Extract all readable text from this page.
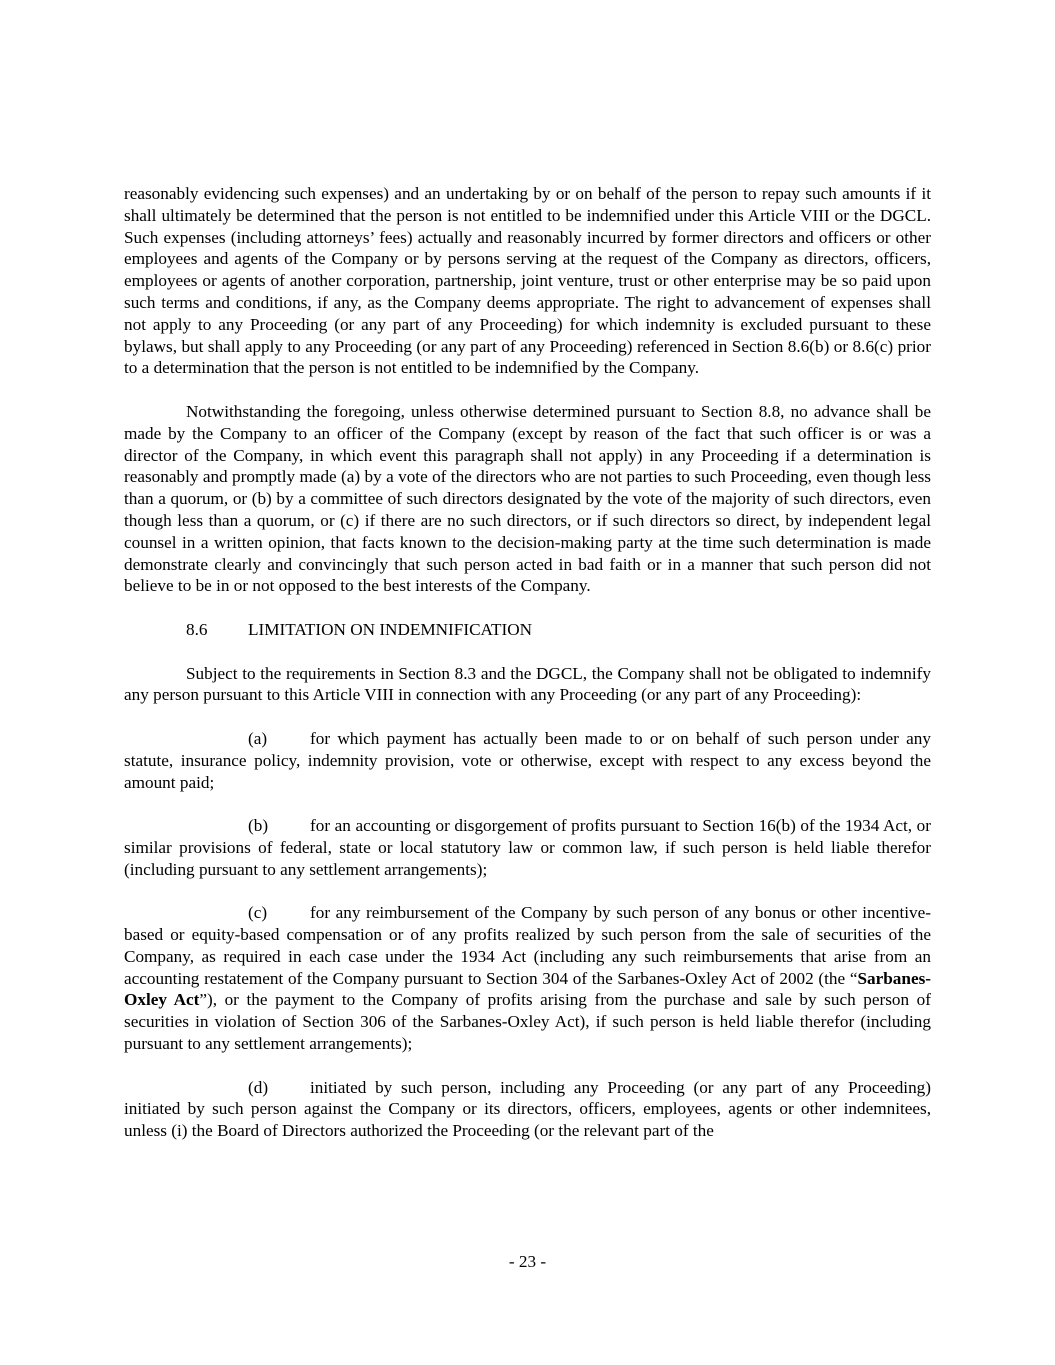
reasonably evidencing such expenses) and an undertaking by or on behalf of the person to repay such amounts if it shall ultimately be determined that the person is not entitled to be indemnified under this Article VIII or the DGCL. Such expenses (including attorneys’ fees) actually and reasonably incurred by former directors and officers or other employees and agents of the Company or by persons serving at the request of the Company as directors, officers, employees or agents of another corporation, partnership, joint venture, trust or other enterprise may be so paid upon such terms and conditions, if any, as the Company deems appropriate. The right to advancement of expenses shall not apply to any Proceeding (or any part of any Proceeding) for which indemnity is excluded pursuant to these bylaws, but shall apply to any Proceeding (or any part of any Proceeding) referenced in Section 8.6(b) or 8.6(c) prior to a determination that the person is not entitled to be indemnified by the Company.

Notwithstanding the foregoing, unless otherwise determined pursuant to Section 8.8, no advance shall be made by the Company to an officer of the Company (except by reason of the fact that such officer is or was a director of the Company, in which event this paragraph shall not apply) in any Proceeding if a determination is reasonably and promptly made (a) by a vote of the directors who are not parties to such Proceeding, even though less than a quorum, or (b) by a committee of such directors designated by the vote of the majority of such directors, even though less than a quorum, or (c) if there are no such directors, or if such directors so direct, by independent legal counsel in a written opinion, that facts known to the decision-making party at the time such determination is made demonstrate clearly and convincingly that such person acted in bad faith or in a manner that such person did not believe to be in or not opposed to the best interests of the Company.

8.6 LIMITATION ON INDEMNIFICATION

Subject to the requirements in Section 8.3 and the DGCL, the Company shall not be obligated to indemnify any person pursuant to this Article VIII in connection with any Proceeding (or any part of any Proceeding):

(a) for which payment has actually been made to or on behalf of such person under any statute, insurance policy, indemnity provision, vote or otherwise, except with respect to any excess beyond the amount paid;

(b) for an accounting or disgorgement of profits pursuant to Section 16(b) of the 1934 Act, or similar provisions of federal, state or local statutory law or common law, if such person is held liable therefor (including pursuant to any settlement arrangements);

(c) for any reimbursement of the Company by such person of any bonus or other incentive-based or equity-based compensation or of any profits realized by such person from the sale of securities of the Company, as required in each case under the 1934 Act (including any such reimbursements that arise from an accounting restatement of the Company pursuant to Section 304 of the Sarbanes-Oxley Act of 2002 (the “Sarbanes-Oxley Act”), or the payment to the Company of profits arising from the purchase and sale by such person of securities in violation of Section 306 of the Sarbanes-Oxley Act), if such person is held liable therefor (including pursuant to any settlement arrangements);

(d) initiated by such person, including any Proceeding (or any part of any Proceeding) initiated by such person against the Company or its directors, officers, employees, agents or other indemnitees, unless (i) the Board of Directors authorized the Proceeding (or the relevant part of the

- 23 -
